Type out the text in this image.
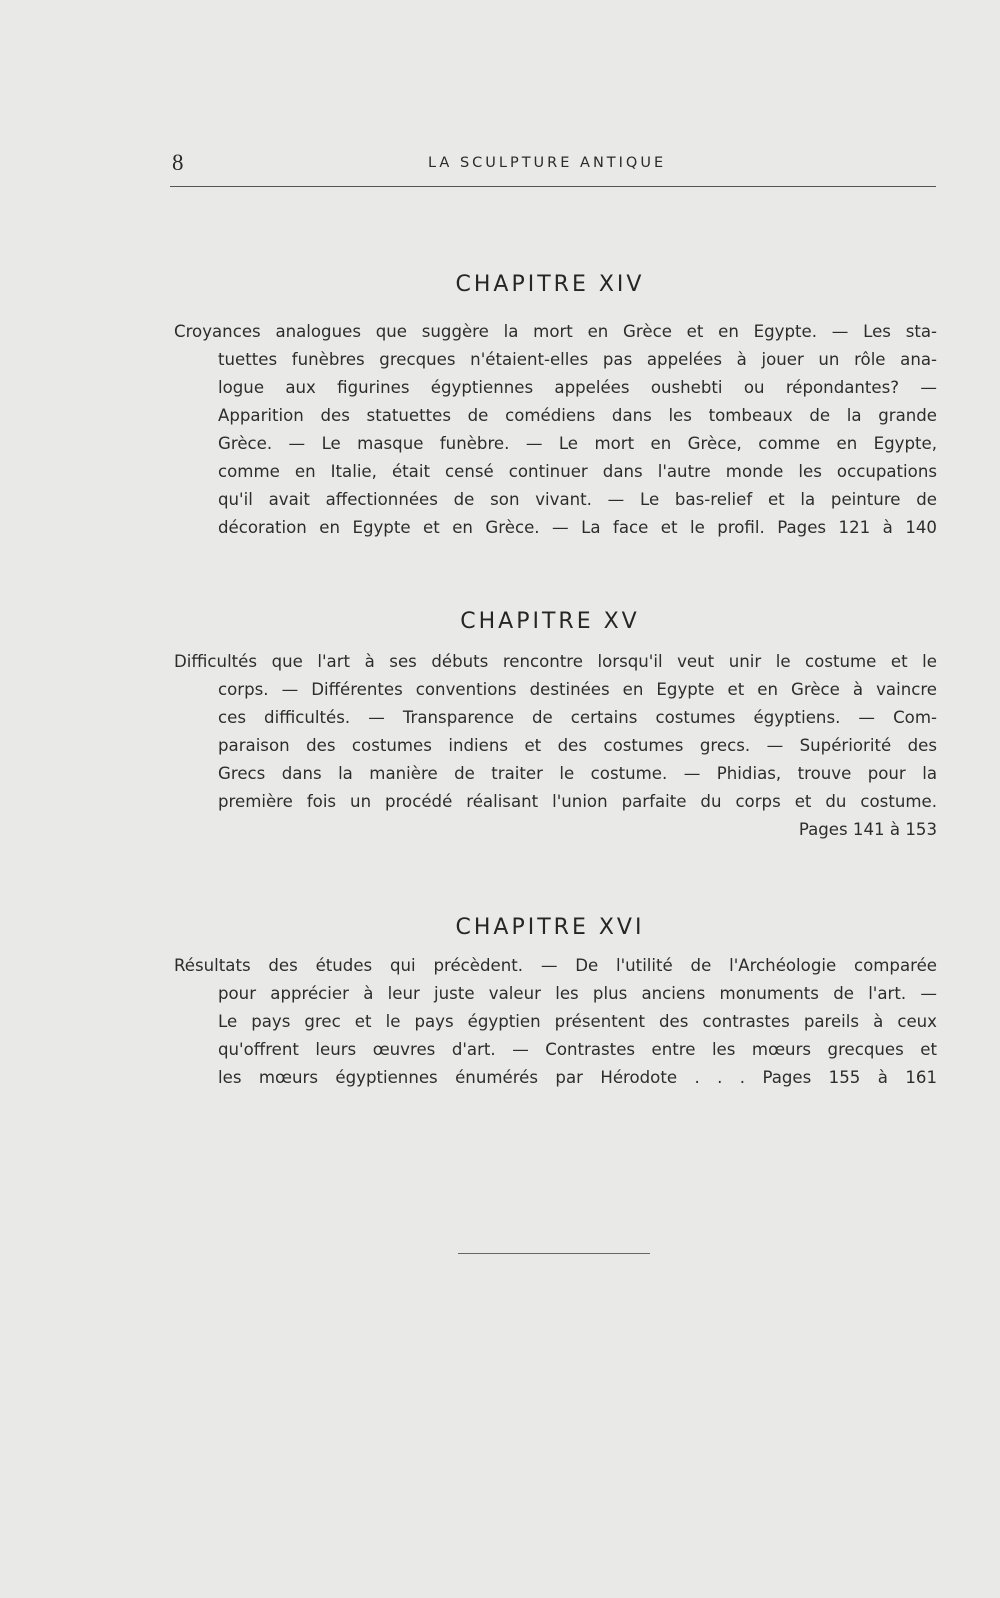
8	LA SCULPTURE ANTIQUE
CHAPITRE XIV
Croyances analogues que suggère la mort en Grèce et en Egypte. — Les sta-
tuettes funèbres grecques n'étaient-elles pas appelées à jouer un rôle ana-
logue aux figurines égyptiennes appelées oushebti ou répondantes? —
Apparition des statuettes de comédiens dans les tombeaux de la grande
Grèce. — Le masque funèbre. — Le mort en Grèce, comme en Egypte,
comme en Italie, était censé continuer dans l'autre monde les occupations
qu'il avait affectionnées de son vivant. — Le bas-relief et la peinture de
décoration en Egypte et en Grèce. — La face et le profil. Pages 121 à 140
CHAPITRE XV
Difficultés que l'art à ses débuts rencontre lorsqu'il veut unir le costume et le
corps. — Différentes conventions destinées en Egypte et en Grèce à vaincre
ces difficultés. — Transparence de certains costumes égyptiens. — Com-
paraison des costumes indiens et des costumes grecs. — Supériorité des
Grecs dans la manière de traiter le costume. — Phidias, trouve pour la
première fois un procédé réalisant l'union parfaite du corps et du costume.
Pages 141 à 153
CHAPITRE XVI
Résultats des études qui précèdent. — De l'utilité de l'Archéologie comparée
pour apprécier à leur juste valeur les plus anciens monuments de l'art. —
Le pays grec et le pays égyptien présentent des contrastes pareils à ceux
qu'offrent leurs œuvres d'art. — Contrastes entre les mœurs grecques et
les mœurs égyptiennes énumérés par Hérodote . . . Pages 155 à 161
